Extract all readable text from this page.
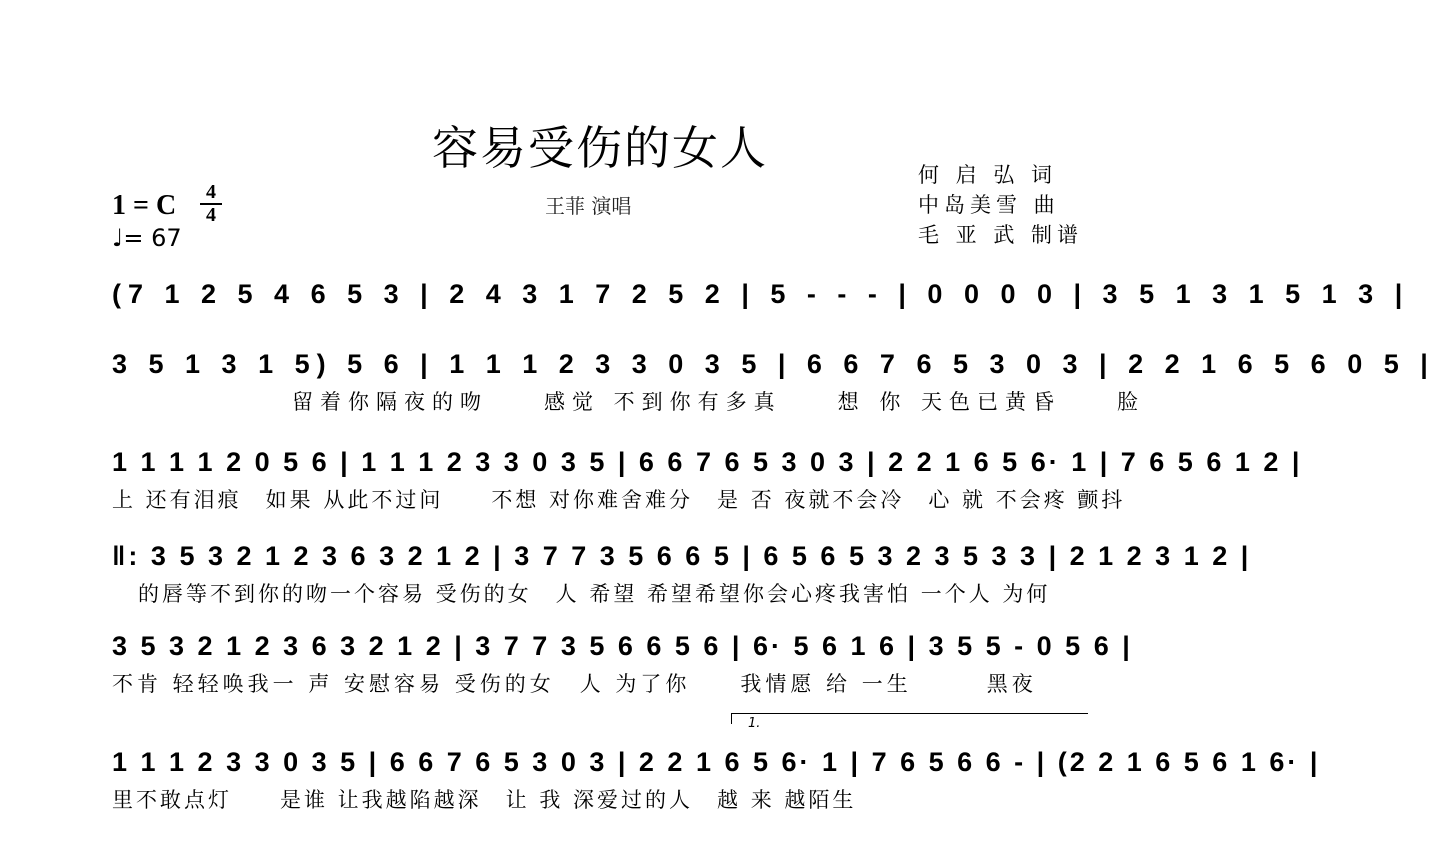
容易受伤的女人
王菲 演唱
何 启 弘 词
中岛美雪 曲
毛 亚 武 制谱
1 = C	4
4
♩= 67
(7 1 2 5 4 6 5 3 | 2 4 3 1 7 2 5 2 | 5 - - - | 0 0 0 0 | 3 5 1 3 1 5 1 3 |
3 5 1 3 1 5) 5 6 | 1 1 1 2 3 3 0 3 5 | 6 6 7 6 5 3 0 3 | 2 2 1 6 5 6 0 5 |
留着你隔夜的吻　　感觉 不到你有多真　　想 你 天色已黄昏　　脸
1 1 1 1 2 0 5 6 | 1 1 1 2 3 3 0 3 5 | 6 6 7 6 5 3 0 3 | 2 2 1 6 5 6· 1 | 7 6 5 6 1 2 |
上 还有泪痕　如果 从此不过问　　不想 对你难舍难分　是 否 夜就不会冷　心 就 不会疼 颤抖
‖: 3 5 3 2 1 2 3 6 3 2 1 2 | 3 7 7 3 5 6 6 5 | 6 5 6 5 3 2 3 5 3 3 | 2 1 2 3 1 2 |
的唇等不到你的吻一个容易 受伤的女　人 希望 希望希望你会心疼我害怕 一个人 为何
3 5 3 2 1 2 3 6 3 2 1 2 | 3 7 7 3 5 6 6 5 6 | 6· 5 6 1 6 | 3 5 5 - 0 5 6 |
不肯 轻轻唤我一 声 安慰容易 受伤的女　人 为了你　　我情愿 给 一生　　　黑夜
1.
1 1 1 2 3 3 0 3 5 | 6 6 7 6 5 3 0 3 | 2 2 1 6 5 6· 1 | 7 6 5 6 6 - | (2 2 1 6 5 6 1 6· |
里不敢点灯　　是谁 让我越陷越深　让 我 深爱过的人　越 来 越陌生
